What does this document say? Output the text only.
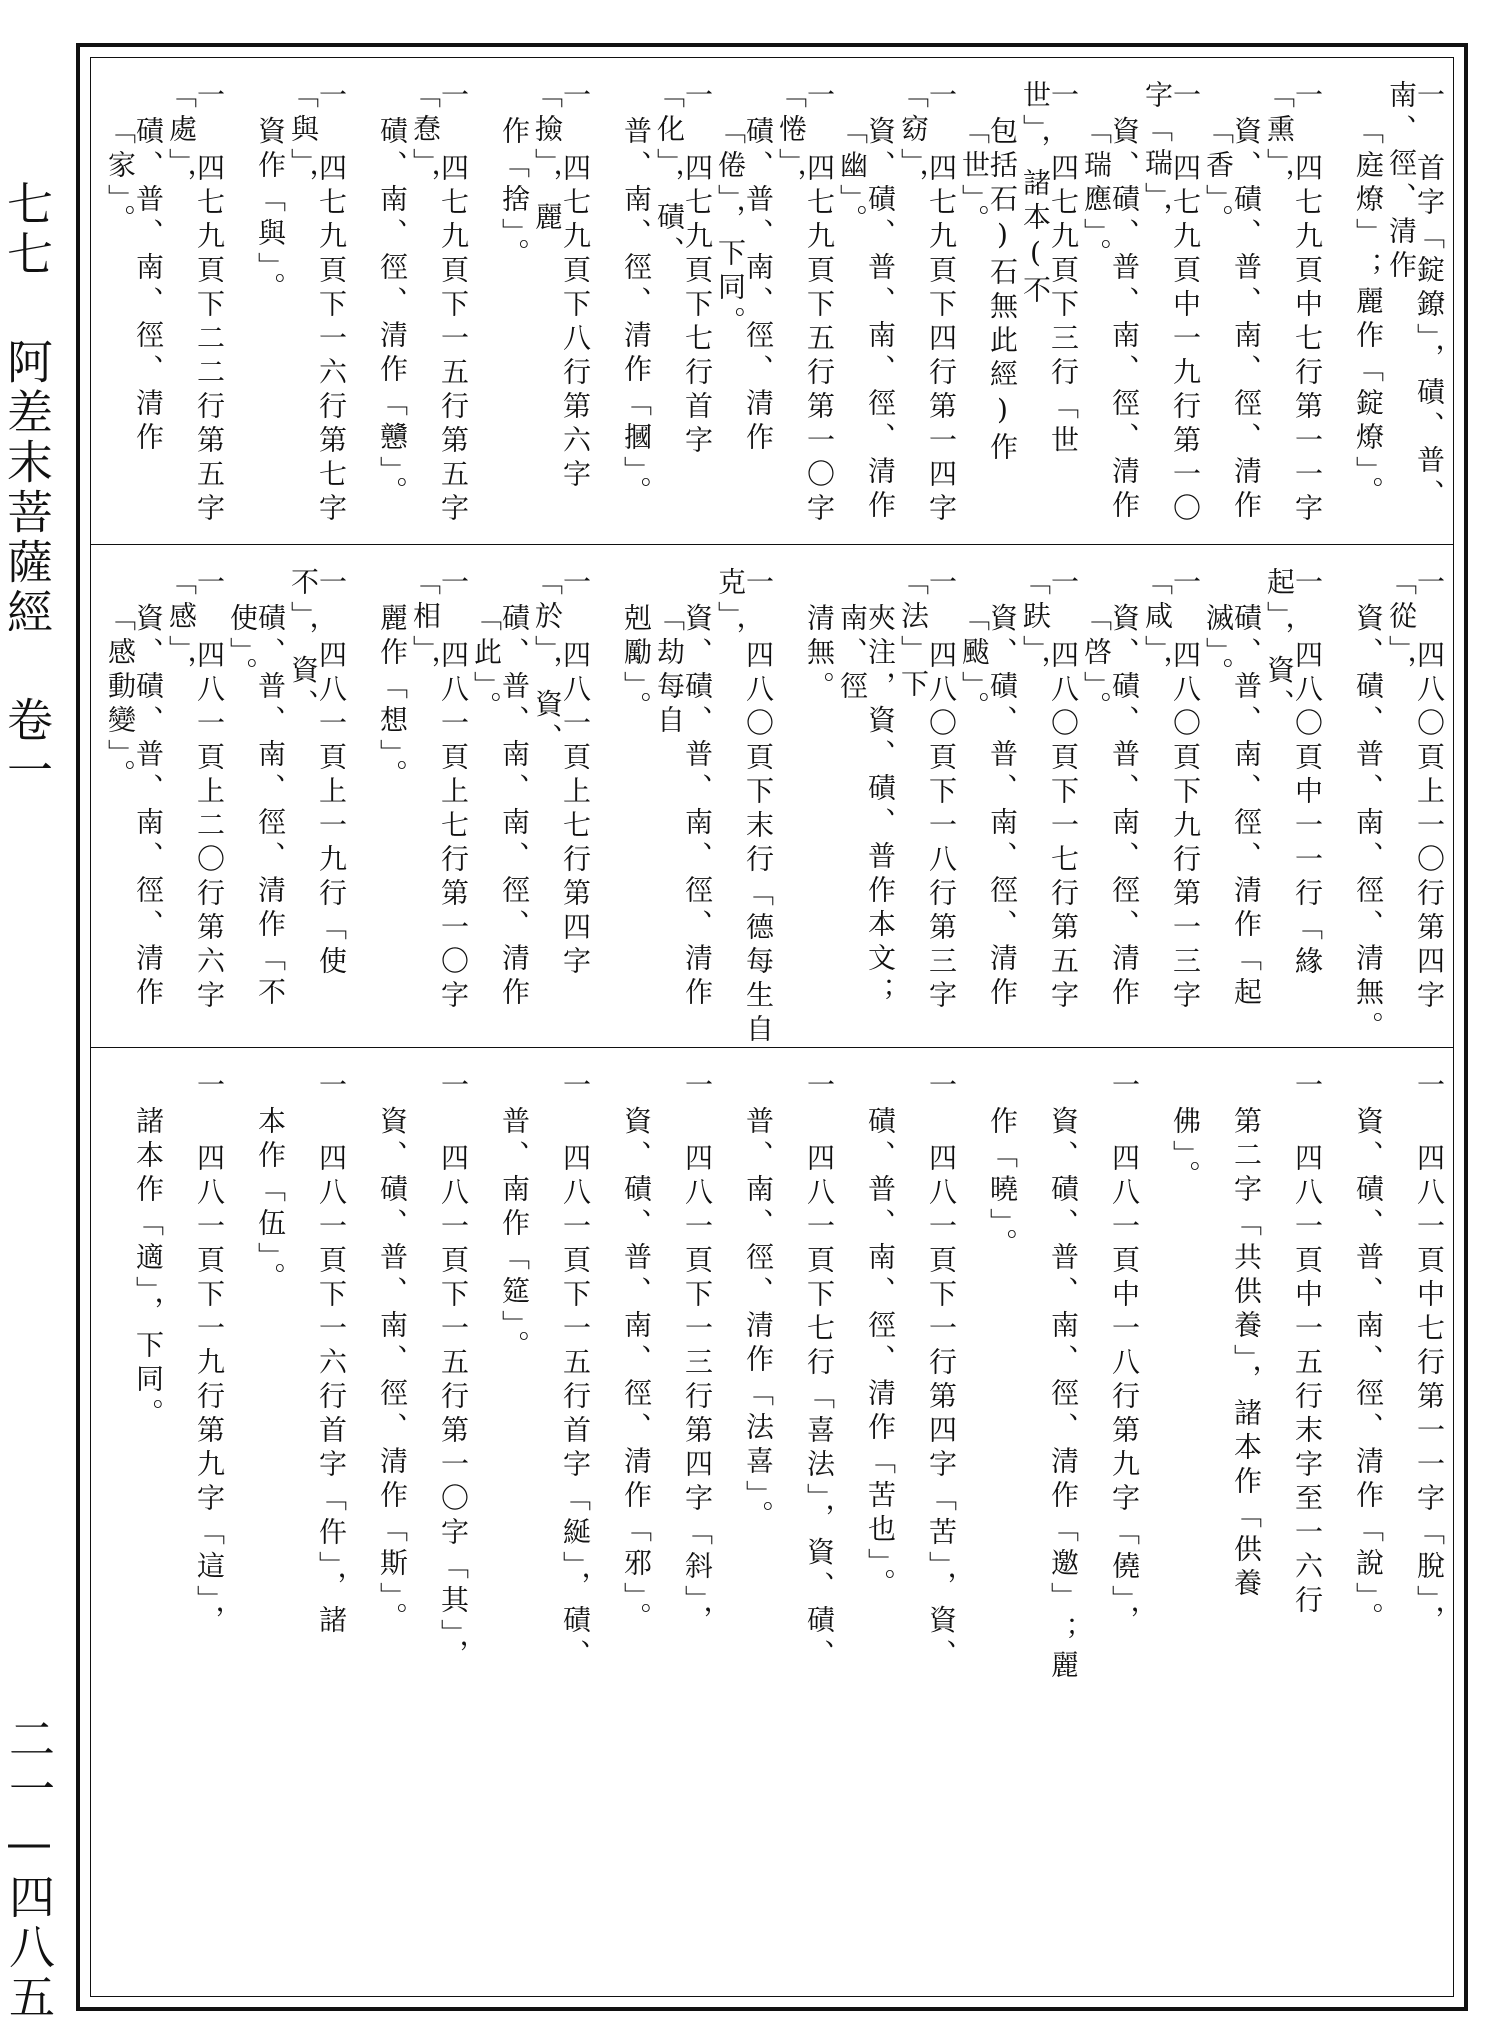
七七 阿差末菩薩經 卷一
二一—四八五
一 首字「錠鐐」，磧、普、南、徑、清作
「庭燎」；麗作「錠燎」。
一 四七九頁中七行第一一字「熏」，
資、磧、普、南、徑、清作「香」。
一 四七九頁中一九行第一〇字「瑞」，
資、磧、普、南、徑、清作「瑞應」。
一 四七九頁下三行「世世」，諸本(不
包括石)石無此經)作「世」。
一 四七九頁下四行第一四字「窈」，
資、磧、普、南、徑、清作「幽」。
一 四七九頁下五行第一〇字「惓」，
磧、普、南、徑、清作「倦」，下同。
一 四七九頁下七行首字「化」，磧、
普、南、徑、清作「摑」。
一 四七九頁下八行第六字「撿」，麗
作「捨」。
一 四七九頁下一五行第五字「惷」，
磧、南、徑、清作「戇」。
一 四七九頁下一六行第七字「與」，
資作「與」。
一 四七九頁下二二行第五字「處」，
磧、普、南、徑、清作「家」。
一 四八〇頁上一〇行第四字「從」，
資、磧、普、南、徑、清無。
一 四八〇頁中一一行「緣起」，資、
磧、普、南、徑、清作「起滅」。
一 四八〇頁下九行第一三字「咸」，
資、磧、普、南、徑、清作「啓」。
一 四八〇頁下一七行第五字「趺」，
資、磧、普、南、徑、清作「颰」。
一 四八〇頁下一八行第三字「法」下
夾注，資、磧、普作本文；南、徑
清無。
一 四八〇頁下末行「德每生自克」，
資、磧、普、南、徑、清作「劫每自
剋勵」。
一 四八一頁上七行第四字「於」，資、
磧、普、南、南、徑、清作「此」。
一 四八一頁上七行第一〇字「相」，
麗作「想」。
一 四八一頁上一九行「使不」，資、
磧、普、南、徑、清作「不使」。
一 四八一頁上二〇行第六字「感」，
資、磧、普、南、徑、清作「感動變」。
一 四八一頁中七行第一一字「脫」，
資、磧、普、南、徑、清作「說」。
一 四八一頁中一五行末字至一六行
第二字「共供養」，諸本作「供養
佛」。
一 四八一頁中一八行第九字「僥」，
資、磧、普、南、徑、清作「邀」；麗
作「曉」。
一 四八一頁下一行第四字「苦」，資、
磧、普、南、徑、清作「苦也」。
一 四八一頁下七行「喜法」，資、磧、
普、南、徑、清作「法喜」。
一 四八一頁下一三行第四字「斜」，
資、磧、普、南、徑、清作「邪」。
一 四八一頁下一五行首字「綖」，磧、
普、南作「筵」。
一 四八一頁下一五行第一〇字「其」，
資、磧、普、南、徑、清作「斯」。
一 四八一頁下一六行首字「仵」，諸
本作「伍」。
一 四八一頁下一九行第九字「這」，
諸本作「適」，下同。
